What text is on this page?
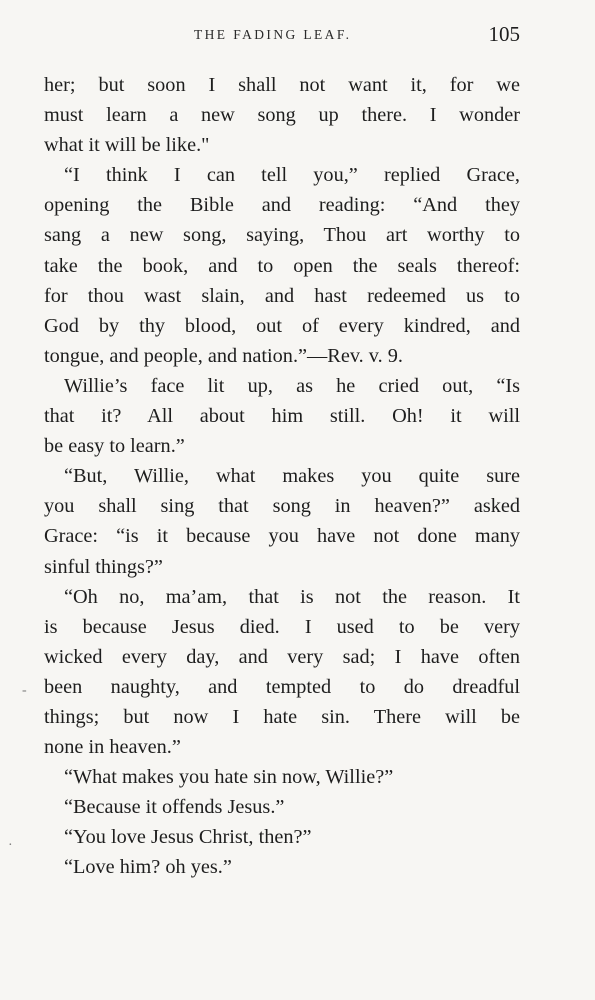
THE FADING LEAF.	105
her; but soon I shall not want it, for we
must learn a new song up there. I wonder
what it will be like."
“I think I can tell you,” replied Grace,
opening the Bible and reading: “And they
sang a new song, saying, Thou art worthy to
take the book, and to open the seals thereof:
for thou wast slain, and hast redeemed us to
God by thy blood, out of every kindred, and
tongue, and people, and nation.”—Rev. v. 9.
Willie’s face lit up, as he cried out, “Is
that it? All about him still. Oh! it will
be easy to learn.”
“But, Willie, what makes you quite sure
you shall sing that song in heaven?” asked
Grace: “is it because you have not done many
sinful things?”
“Oh no, ma’am, that is not the reason. It
is because Jesus died. I used to be very
wicked every day, and very sad; I have often
been naughty, and tempted to do dreadful
things; but now I hate sin. There will be
none in heaven.”
“What makes you hate sin now, Willie?”
“Because it offends Jesus.”
“You love Jesus Christ, then?”
“Love him? oh yes.”
-
·
